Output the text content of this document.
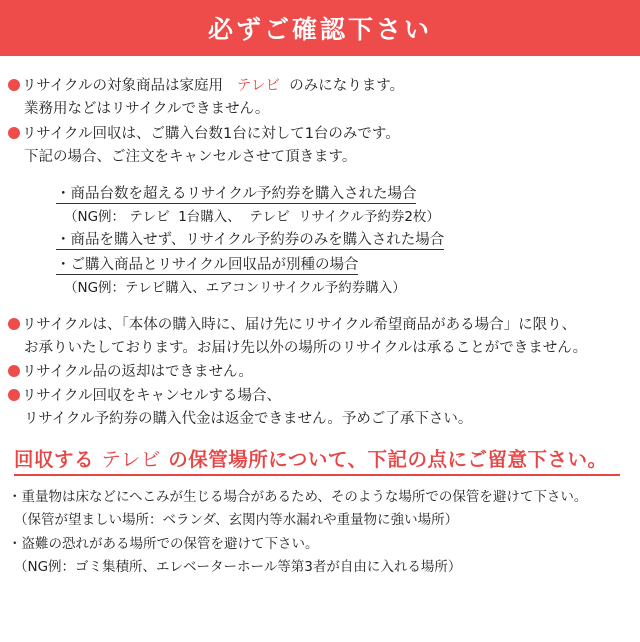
必ずご確認下さい
リサイクルの対象商品は家庭用 テレビ のみになります。
業務用などはリサイクルできません。
リサイクル回収は、ご購入台数1台に対して1台のみです。
下記の場合、ご注文をキャンセルさせて頂きます。
・商品台数を超えるリサイクル予約券を購入された場合
（NG例： テレビ 1台購入、 テレビ リサイクル予約券2枚）
・商品を購入せず、リサイクル予約券のみを購入された場合
・ご購入商品とリサイクル回収品が別種の場合
（NG例：テレビ購入、エアコンリサイクル予約券購入）
リサイクルは、「本体の購入時に、届け先にリサイクル希望商品がある場合」に限り、
お承りいたしております。お届け先以外の場所のリサイクルは承ることができません。
リサイクル品の返却はできません。
リサイクル回収をキャンセルする場合、
リサイクル予約券の購入代金は返金できません。予めご了承下さい。
回収する テレビ の保管場所について、下記の点にご留意下さい。
・重量物は床などにへこみが生じる場合があるため、そのような場所での保管を避けて下さい。
（保管が望ましい場所：ベランダ、玄関内等水漏れや重量物に強い場所）
・盗難の恐れがある場所での保管を避けて下さい。
（NG例：ゴミ集積所、エレベーターホール等第3者が自由に入れる場所）
